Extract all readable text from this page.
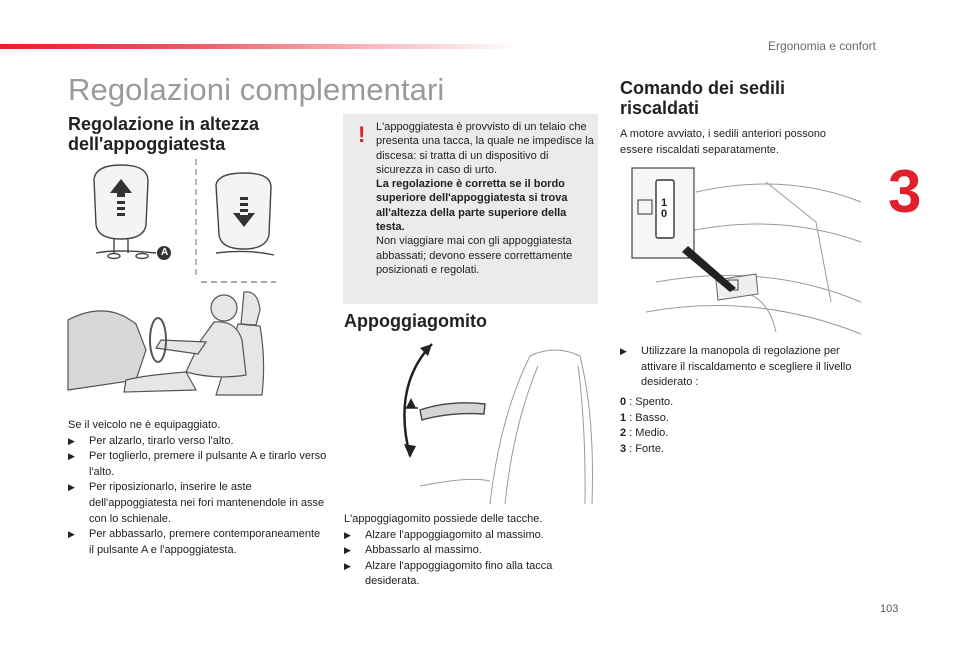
Ergonomia e confort
3
103
Regolazioni complementari
Regolazione in altezza dell'appoggiatesta
A

Se il veicolo ne è equipaggiato.

▶ Per alzarlo, tirarlo verso l'alto.
▶ Per toglierlo, premere il pulsante A e tirarlo verso l'alto.
▶ Per riposizionarlo, inserire le aste dell'appoggiatesta nei fori mantenendole in asse con lo schienale.
▶ Per abbassarlo, premere contemporaneamente il pulsante A e l'appoggiatesta.
! L'appoggiatesta è provvisto di un telaio che presenta una tacca, la quale ne impedisce la discesa: si tratta di un dispositivo di sicurezza in caso di urto.
La regolazione è corretta se il bordo superiore dell'appoggiatesta si trova all'altezza della parte superiore della testa.
Non viaggiare mai con gli appoggiatesta abbassati; devono essere correttamente posizionati e regolati.
Appoggiagomito

L'appoggiagomito possiede delle tacche.

▶ Alzare l'appoggiagomito al massimo.
▶ Abbassarlo al massimo.
▶ Alzare l'appoggiagomito fino alla tacca desiderata.
Comando dei sedili riscaldati
A motore avviato, i sedili anteriori possono essere riscaldati separatamente.
1
0
▶ Utilizzare la manopola di regolazione per attivare il riscaldamento e scegliere il livello desiderato :
0 : Spento.
1 : Basso.
2 : Medio.
3 : Forte.
